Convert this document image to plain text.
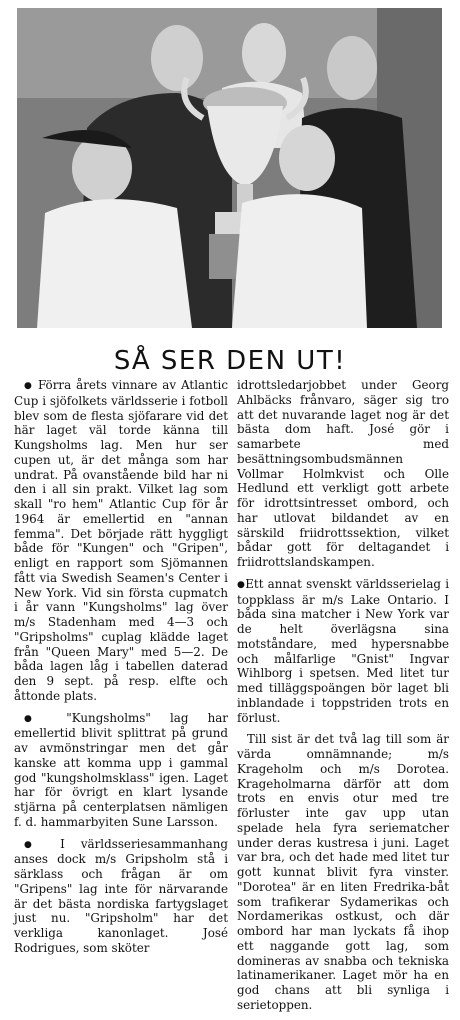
SÅ SER DEN UT!

● Förra årets vinnare av Atlantic Cup i sjöfolkets världsserie i fotboll blev som de flesta sjöfarare vid det här laget väl torde känna till Kungsholms lag. Men hur ser cupen ut, är det många som har undrat. På ovanstående bild har ni den i all sin prakt. Vilket lag som skall "ro hem" Atlantic Cup för år 1964 är emellertid en "annan femma". Det började rätt hyggligt både för "Kungen" och "Gripen", enligt en rapport som Sjömannen fått via Swedish Seamen's Center i New York. Vid sin första cupmatch i år vann "Kungsholms" lag över m/s Stadenham med 4—3 och "Gripsholms" cuplag klädde laget från "Queen Mary" med 5—2. De båda lagen låg i tabellen daterad den 9 sept. på resp. elfte och åttonde plats.

● "Kungsholms" lag har emellertid blivit splittrat på grund av avmönstringar men det går kanske att komma upp i gammal god "kungsholmsklass" igen. Laget har för övrigt en klart lysande stjärna på centerplatsen nämligen f. d. hammarbyiten Sune Larsson.

● I världsseriesammanhang anses dock m/s Gripsholm stå i särklass och frågan är om "Gripens" lag inte för närvarande är det bästa nordiska fartygslaget just nu. "Gripsholm" har det verkliga kanonlaget. José Rodrigues, som sköter

idrottsledarjobbet under Georg Ahlbäcks frånvaro, säger sig tro att det nuvarande laget nog är det bästa dom haft. José gör i samarbete med besättningsombudsmännen Vollmar Holmkvist och Olle Hedlund ett verkligt gott arbete för idrottsintresset ombord, och har utlovat bildandet av en särskild friidrottssektion, vilket bådar gott för deltagandet i friidrottslandskampen.

●Ett annat svenskt världsserielag i toppklass är m/s Lake Ontario. I båda sina matcher i New York var de helt överlägsna sina motståndare, med hypersnabbe och målfarlige "Gnist" Ingvar Wihlborg i spetsen. Med litet tur med tilläggspoängen bör laget bli inblandade i toppstriden trots en förlust.

Till sist är det två lag till som är värda omnämnande; m/s Krageholm och m/s Dorotea. Krageholmarna därför att dom trots en envis otur med tre förluster inte gav upp utan spelade hela fyra seriematcher under deras kustresa i juni. Laget var bra, och det hade med litet tur gott kunnat blivit fyra vinster. "Dorotea" är en liten Fredrika-båt som trafikerar Sydamerikas och Nordamerikas ostkust, och där ombord har man lyckats få ihop ett naggande gott lag, som domineras av snabba och tekniska latinamerikaner. Laget mör ha en god chans att bli synliga i serietoppen.
